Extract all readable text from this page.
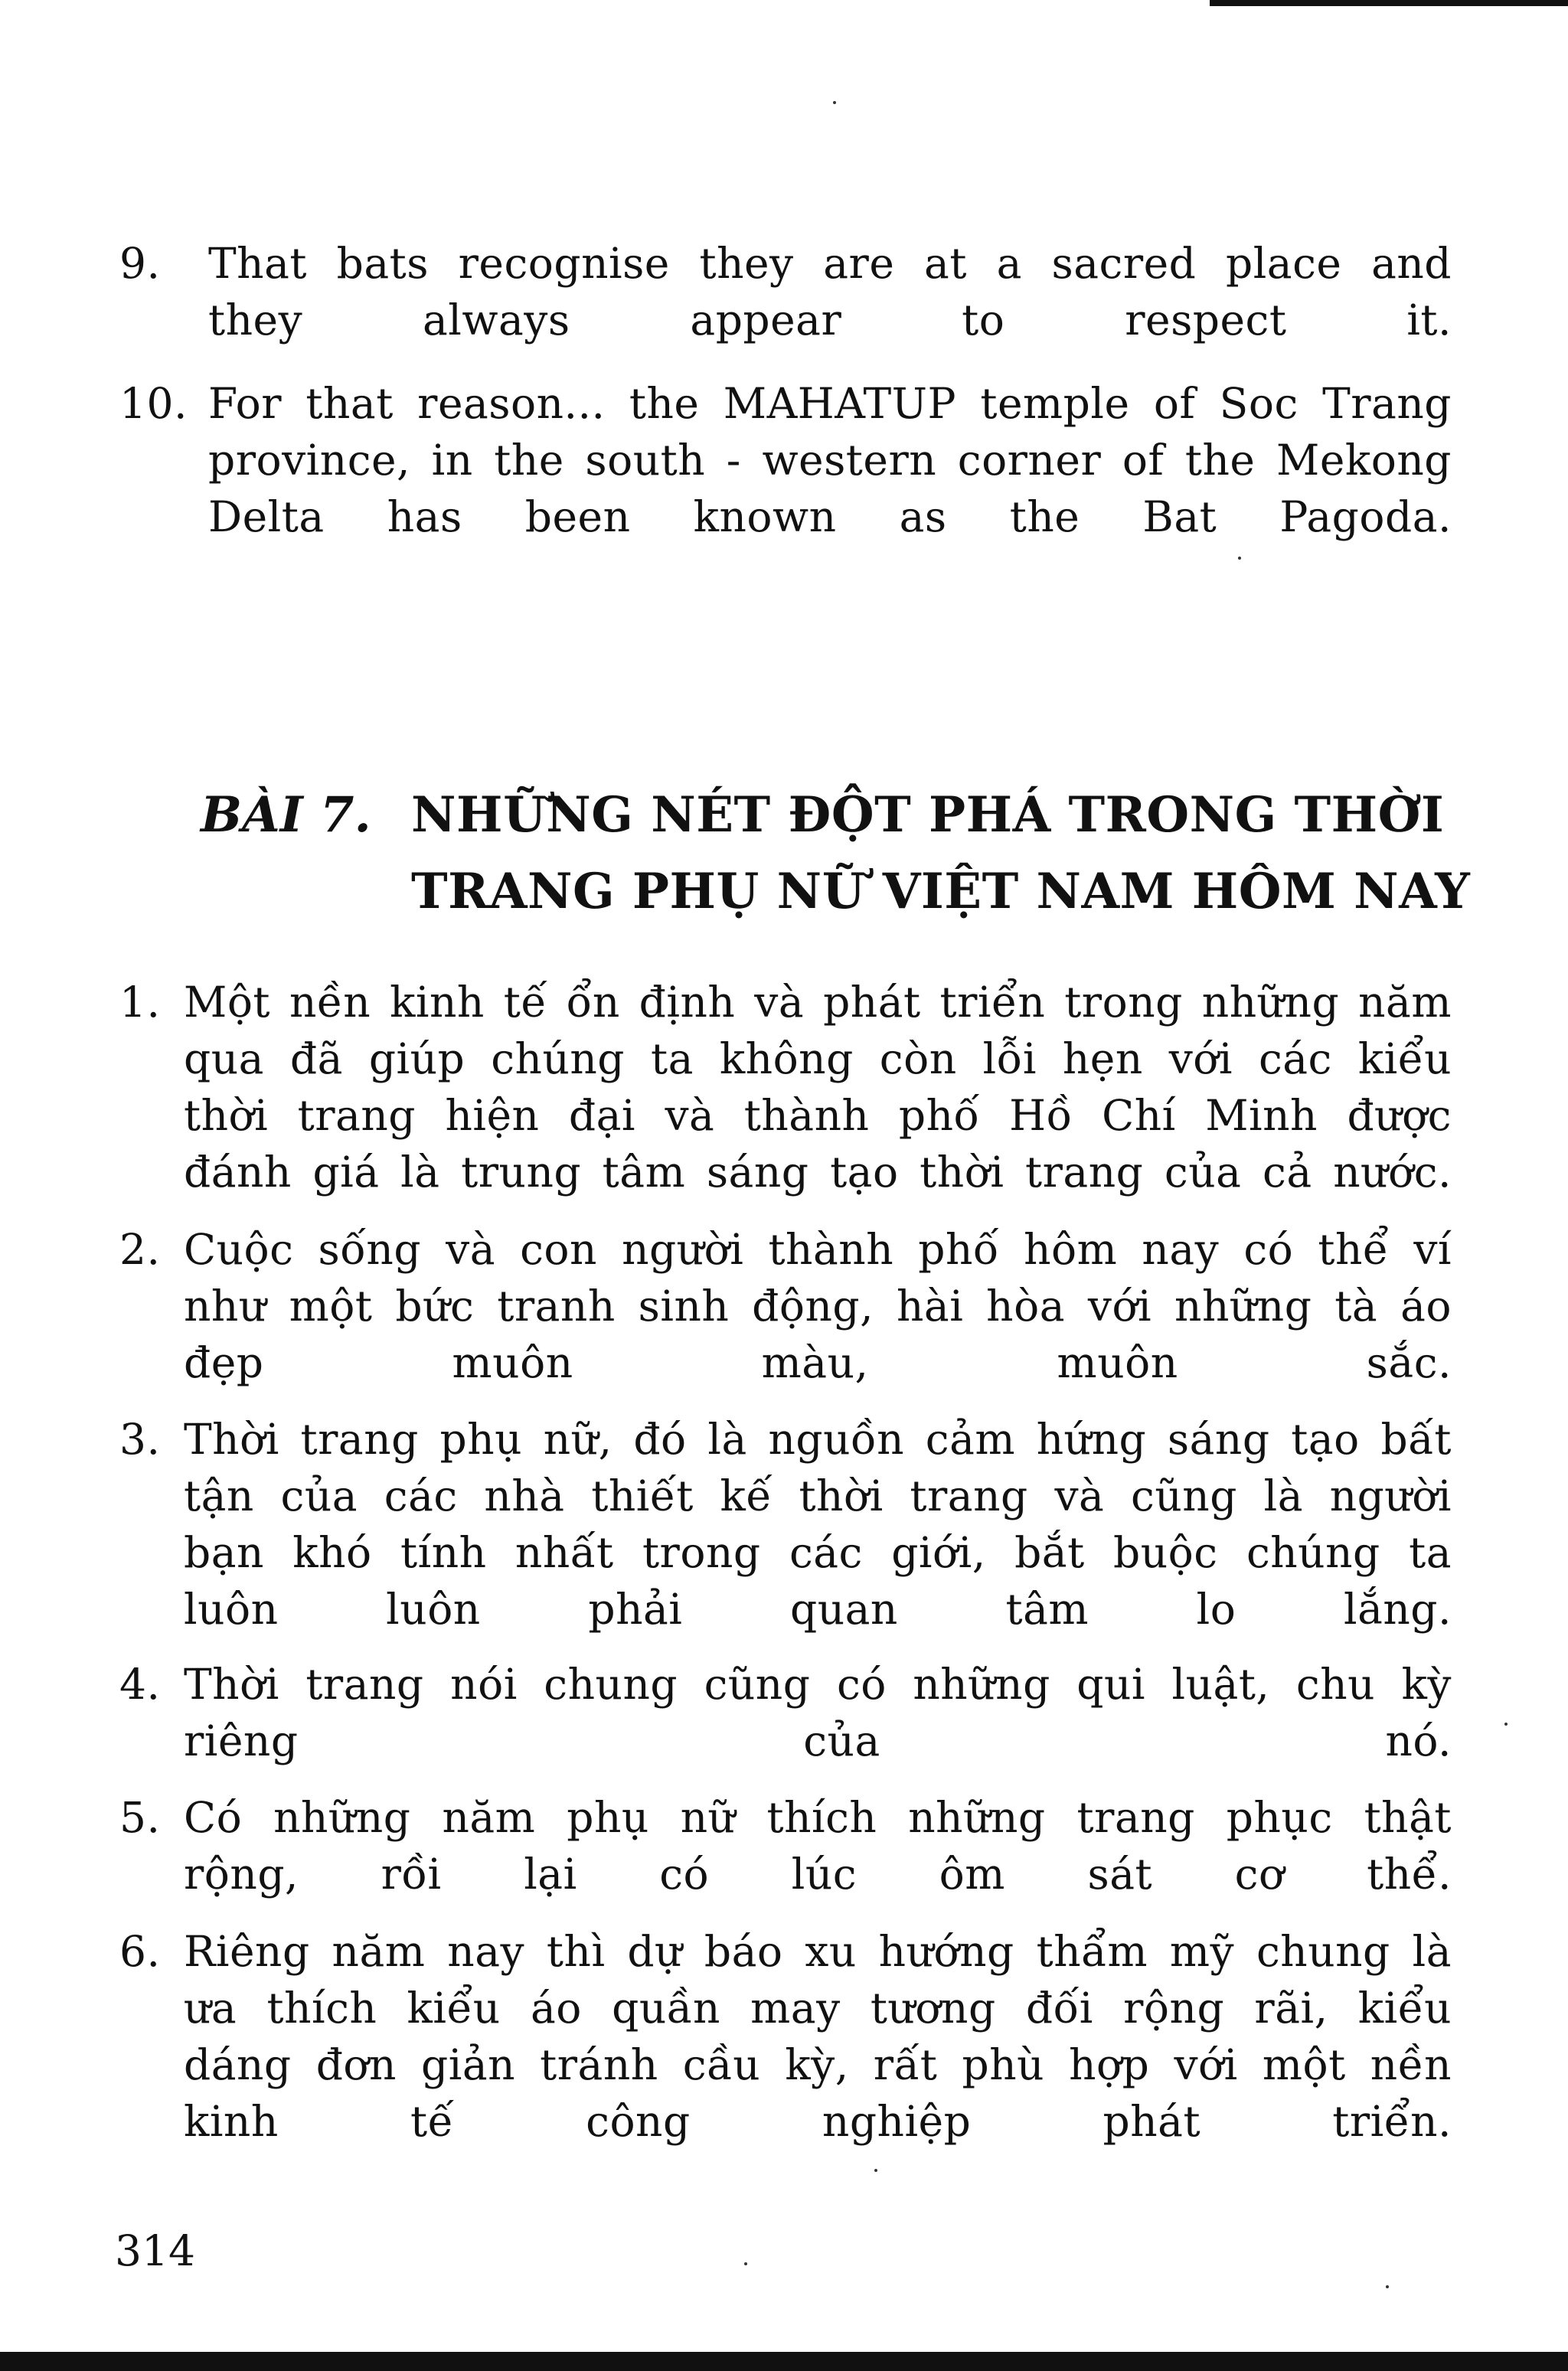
9. That bats recognise they are at a sacred place and they always appear to respect it.
10. For that reason... the MAHATUP temple of Soc Trang province, in the south - western corner of the Mekong Delta has been known as the Bat Pagoda.
BÀI 7. NHỮNG NÉT ĐỘT PHÁ TRONG THỜI
TRANG PHỤ NỮ VIỆT NAM HÔM NAY
1. Một nền kinh tế ổn định và phát triển trong những năm qua đã giúp chúng ta không còn lỗi hẹn với các kiểu thời trang hiện đại và thành phố Hồ Chí Minh được đánh giá là trung tâm sáng tạo thời trang của cả nước.
2. Cuộc sống và con người thành phố hôm nay có thể ví như một bức tranh sinh động, hài hòa với những tà áo đẹp muôn màu, muôn sắc.
3. Thời trang phụ nữ, đó là nguồn cảm hứng sáng tạo bất tận của các nhà thiết kế thời trang và cũng là người bạn khó tính nhất trong các giới, bắt buộc chúng ta luôn luôn phải quan tâm lo lắng.
4. Thời trang nói chung cũng có những qui luật, chu kỳ riêng của nó.
5. Có những năm phụ nữ thích những trang phục thật rộng, rồi lại có lúc ôm sát cơ thể.
6. Riêng năm nay thì dự báo xu hướng thẩm mỹ chung là ưa thích kiểu áo quần may tương đối rộng rãi, kiểu dáng đơn giản tránh cầu kỳ, rất phù hợp với một nền kinh tế công nghiệp phát triển.
314
